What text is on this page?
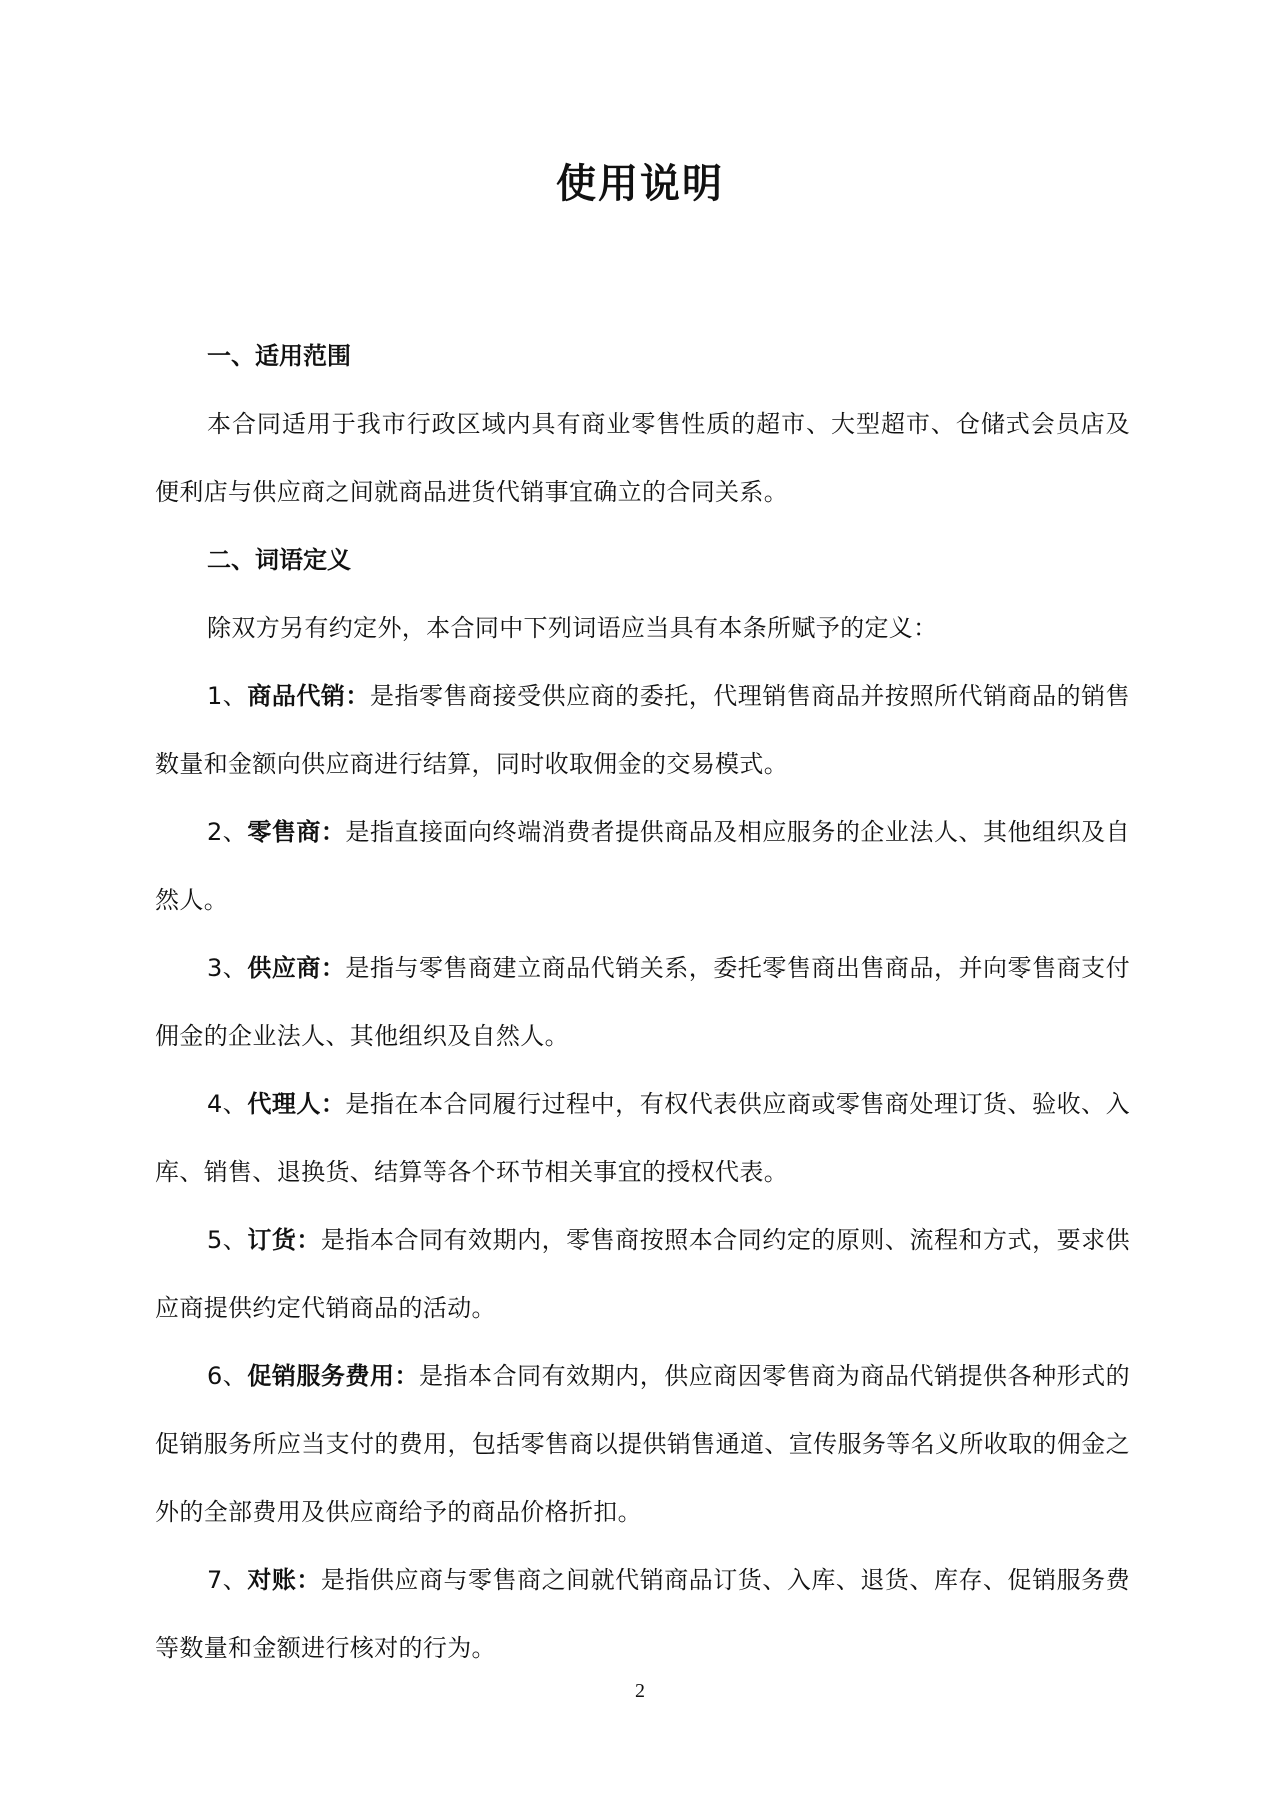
使用说明
一、适用范围

本合同适用于我市行政区域内具有商业零售性质的超市、大型超市、仓储式会员店及便利店与供应商之间就商品进货代销事宜确立的合同关系。

二、词语定义

除双方另有约定外，本合同中下列词语应当具有本条所赋予的定义：

1、商品代销：是指零售商接受供应商的委托，代理销售商品并按照所代销商品的销售数量和金额向供应商进行结算，同时收取佣金的交易模式。

2、零售商：是指直接面向终端消费者提供商品及相应服务的企业法人、其他组织及自然人。

3、供应商：是指与零售商建立商品代销关系，委托零售商出售商品，并向零售商支付佣金的企业法人、其他组织及自然人。

4、代理人：是指在本合同履行过程中，有权代表供应商或零售商处理订货、验收、入库、销售、退换货、结算等各个环节相关事宜的授权代表。

5、订货：是指本合同有效期内，零售商按照本合同约定的原则、流程和方式，要求供应商提供约定代销商品的活动。

6、促销服务费用：是指本合同有效期内，供应商因零售商为商品代销提供各种形式的促销服务所应当支付的费用，包括零售商以提供销售通道、宣传服务等名义所收取的佣金之外的全部费用及供应商给予的商品价格折扣。

7、对账：是指供应商与零售商之间就代销商品订货、入库、退货、库存、促销服务费等数量和金额进行核对的行为。

2
